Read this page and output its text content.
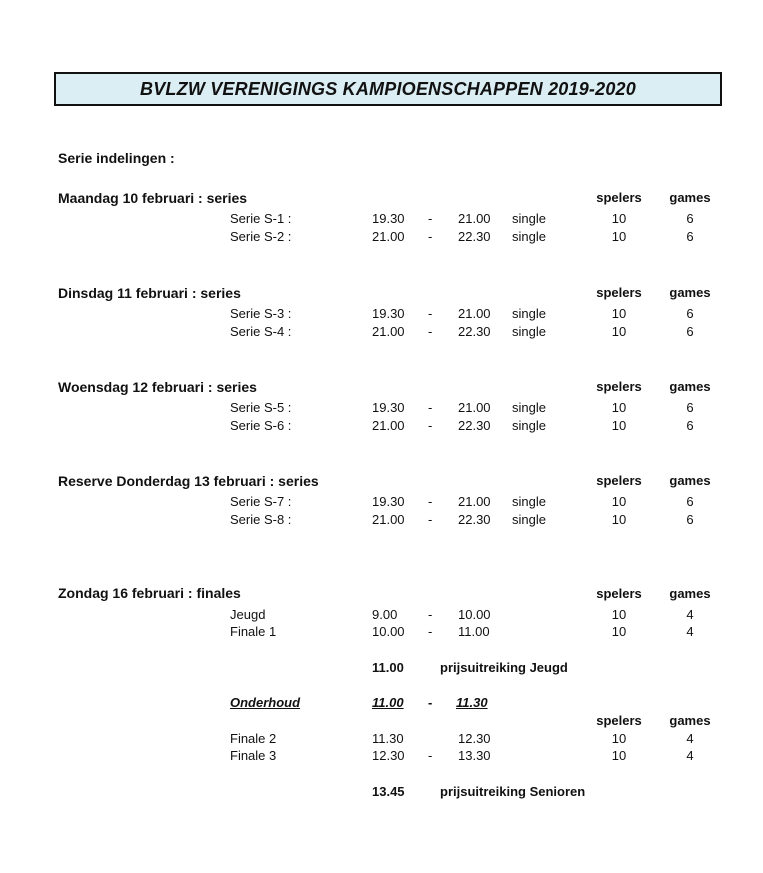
BVLZW VERENIGINGS KAMPIOENSCHAPPEN 2019-2020
Serie indelingen :
Maandag 10 februari : series	spelers games
Serie S-1 :	19.30 - 21.00 single	10	6
Serie S-2 :	21.00 - 22.30 single	10	6
Dinsdag 11 februari : series	spelers games
Serie S-3 :	19.30 - 21.00 single	10	6
Serie S-4 :	21.00 - 22.30 single	10	6
Woensdag 12 februari : series	spelers games
Serie S-5 :	19.30 - 21.00 single	10	6
Serie S-6 :	21.00 - 22.30 single	10	6
Reserve Donderdag 13 februari : series	spelers games
Serie S-7 :	19.30 - 21.00 single	10	6
Serie S-8 :	21.00 - 22.30 single	10	6
Zondag 16 februari : finales	spelers games
Jeugd	9.00 - 10.00	10	4
Finale 1	10.00 - 11.00	10	4
11.00	prijsuitreiking Jeugd
Onderhoud	11.00 - 11.30
spelers games
Finale 2	11.30	12.30	10	4
Finale 3	12.30 - 13.30	10	4
13.45	prijsuitreiking Senioren
